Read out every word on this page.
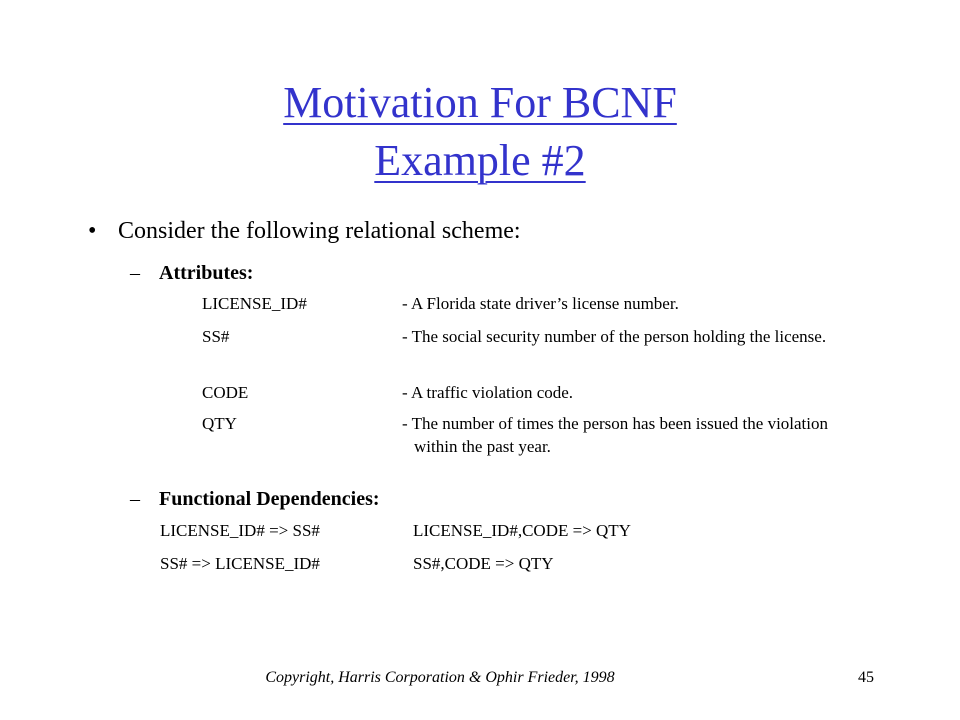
Motivation For BCNF
Example #2
• Consider the following relational scheme:
– Attributes:
LICENSE_ID#	- A Florida state driver’s license number.
SS#	- The social security number of the person holding the license.
CODE	- A traffic violation code.
QTY	- The number of times the person has been issued the violation within the past year.
– Functional Dependencies:
LICENSE_ID# => SS#	LICENSE_ID#,CODE => QTY
SS# => LICENSE_ID#	SS#,CODE => QTY
Copyright, Harris Corporation & Ophir Frieder, 1998	45
